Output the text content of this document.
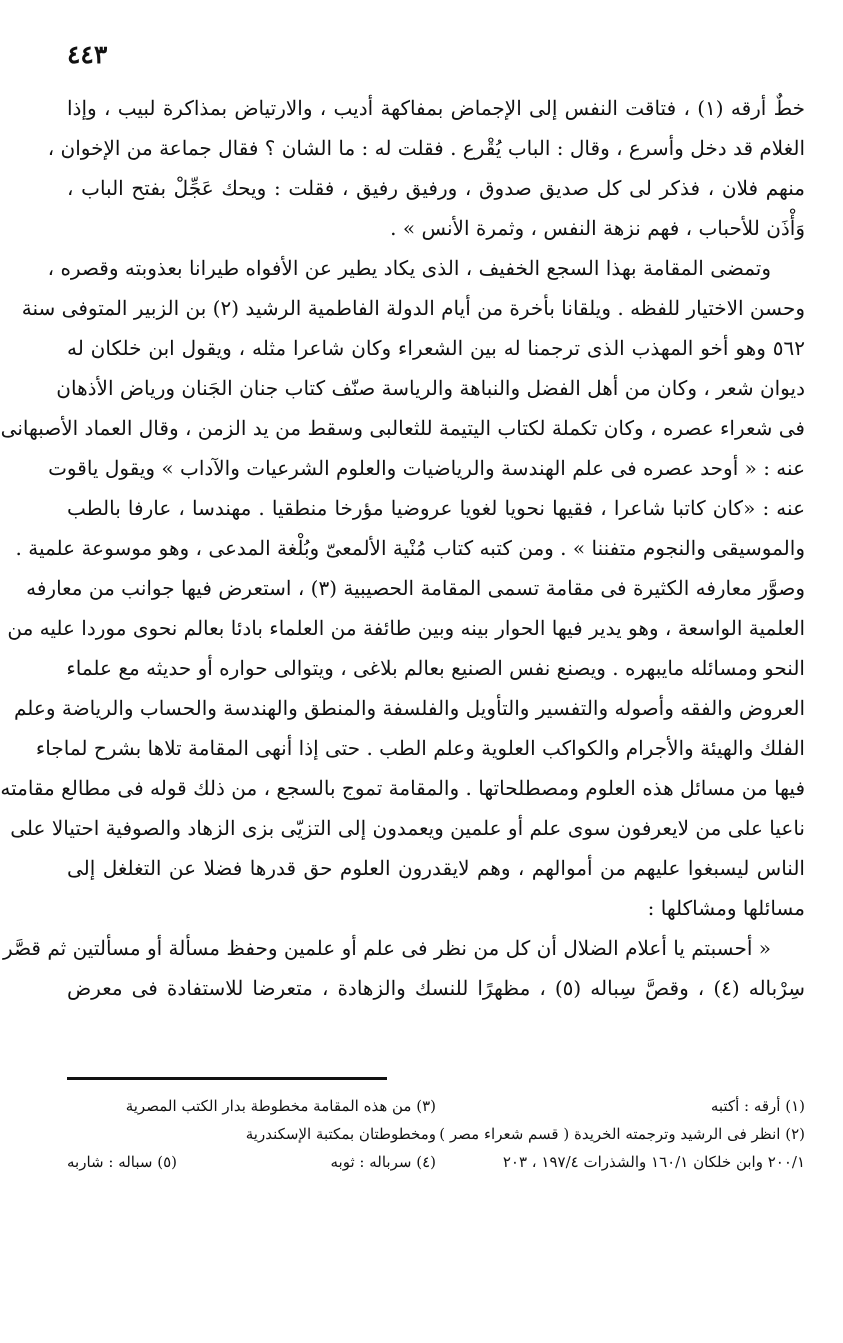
٤٤٣
خطٌ أرقه (١) ، فتاقت النفس إلى الإجماض بمفاكهة أديب ، والارتياض بمذاكرة لبيب ، وإذا
الغلام قد دخل وأسرع ، وقال : الباب يُقْرع . فقلت له : ما الشان ؟ فقال جماعة من الإخوان ،
منهم فلان ، فذكر لى كل صديق صدوق ، ورفيق رفيق ، فقلت : ويحك عَجِّلْ بفتح الباب ،
وَأْذَن للأحباب ، فهم نزهة النفس ، وثمرة الأنس » .
وتمضى المقامة بهذا السجع الخفيف ، الذى يكاد يطير عن الأفواه طيرانا بعذوبته وقصره ،
وحسن الاختيار للفظه . ويلقانا بأخرة من أيام الدولة الفاطمية الرشيد (٢) بن الزبير المتوفى سنة
٥٦٢ وهو أخو المهذب الذى ترجمنا له بين الشعراء وكان شاعرا مثله ، ويقول ابن خلكان له
ديوان شعر ، وكان من أهل الفضل والنباهة والرياسة صنّف كتاب جنان الجَنان ورياض الأذهان
فى شعراء عصره ، وكان تكملة لكتاب اليتيمة للثعالبى وسقط من يد الزمن ، وقال العماد الأصبهانى
عنه : « أوحد عصره فى علم الهندسة والرياضيات والعلوم الشرعيات والآداب » ويقول ياقوت
عنه : «كان كاتبا شاعرا ، فقيها نحويا لغويا عروضيا مؤرخا منطقيا . مهندسا ، عارفا بالطب
والموسيقى والنجوم متفننا » . ومن كتبه كتاب مُنْية الألمعىّ وبُلْغة المدعى ، وهو موسوعة علمية .
وصوَّر معارفه الكثيرة فى مقامة تسمى المقامة الحصيبية (٣) ، استعرض فيها جوانب من معارفه
العلمية الواسعة ، وهو يدير فيها الحوار بينه وبين طائفة من العلماء بادئا بعالم نحوى موردا عليه من
النحو ومسائله مايبهره . ويصنع نفس الصنيع بعالم بلاغى ، ويتوالى حواره أو حديثه مع علماء
العروض والفقه وأصوله والتفسير والتأويل والفلسفة والمنطق والهندسة والحساب والرياضة وعلم
الفلك والهيئة والأجرام والكواكب العلوية وعلم الطب . حتى إذا أنهى المقامة تلاها بشرح لماجاء
فيها من مسائل هذه العلوم ومصطلحاتها . والمقامة تموج بالسجع ، من ذلك قوله فى مطالع مقامته
ناعيا على من لايعرفون سوى علم أو علمين ويعمدون إلى التزيّى بزى الزهاد والصوفية احتيالا على
الناس ليسبغوا عليهم من أموالهم ، وهم لايقدرون العلوم حق قدرها فضلا عن التغلغل إلى
مسائلها ومشاكلها :
« أحسبتم يا أعلام الضلال أن كل من نظر فى علم أو علمين وحفظ مسألة أو مسألتين ثم قصَّر
سِرْباله (٤) ، وقصَّ سِباله (٥) ، مظهرًا للنسك والزهادة ، متعرضا للاستفادة فى معرض
(١) أرقه : أكتبه
(٣) من هذه المقامة مخطوطة بدار الكتب المصرية
(٢) انظر فى الرشيد وترجمته الخريدة ( قسم شعراء مصر )
ومخطوطتان بمكتبة الإسكندرية
٢٠٠/١ وابن خلكان ١٦٠/١ والشذرات ١٩٧/٤ ، ٢٠٣
(٤) سرباله : ثوبه
(٥) سباله : شاربه
